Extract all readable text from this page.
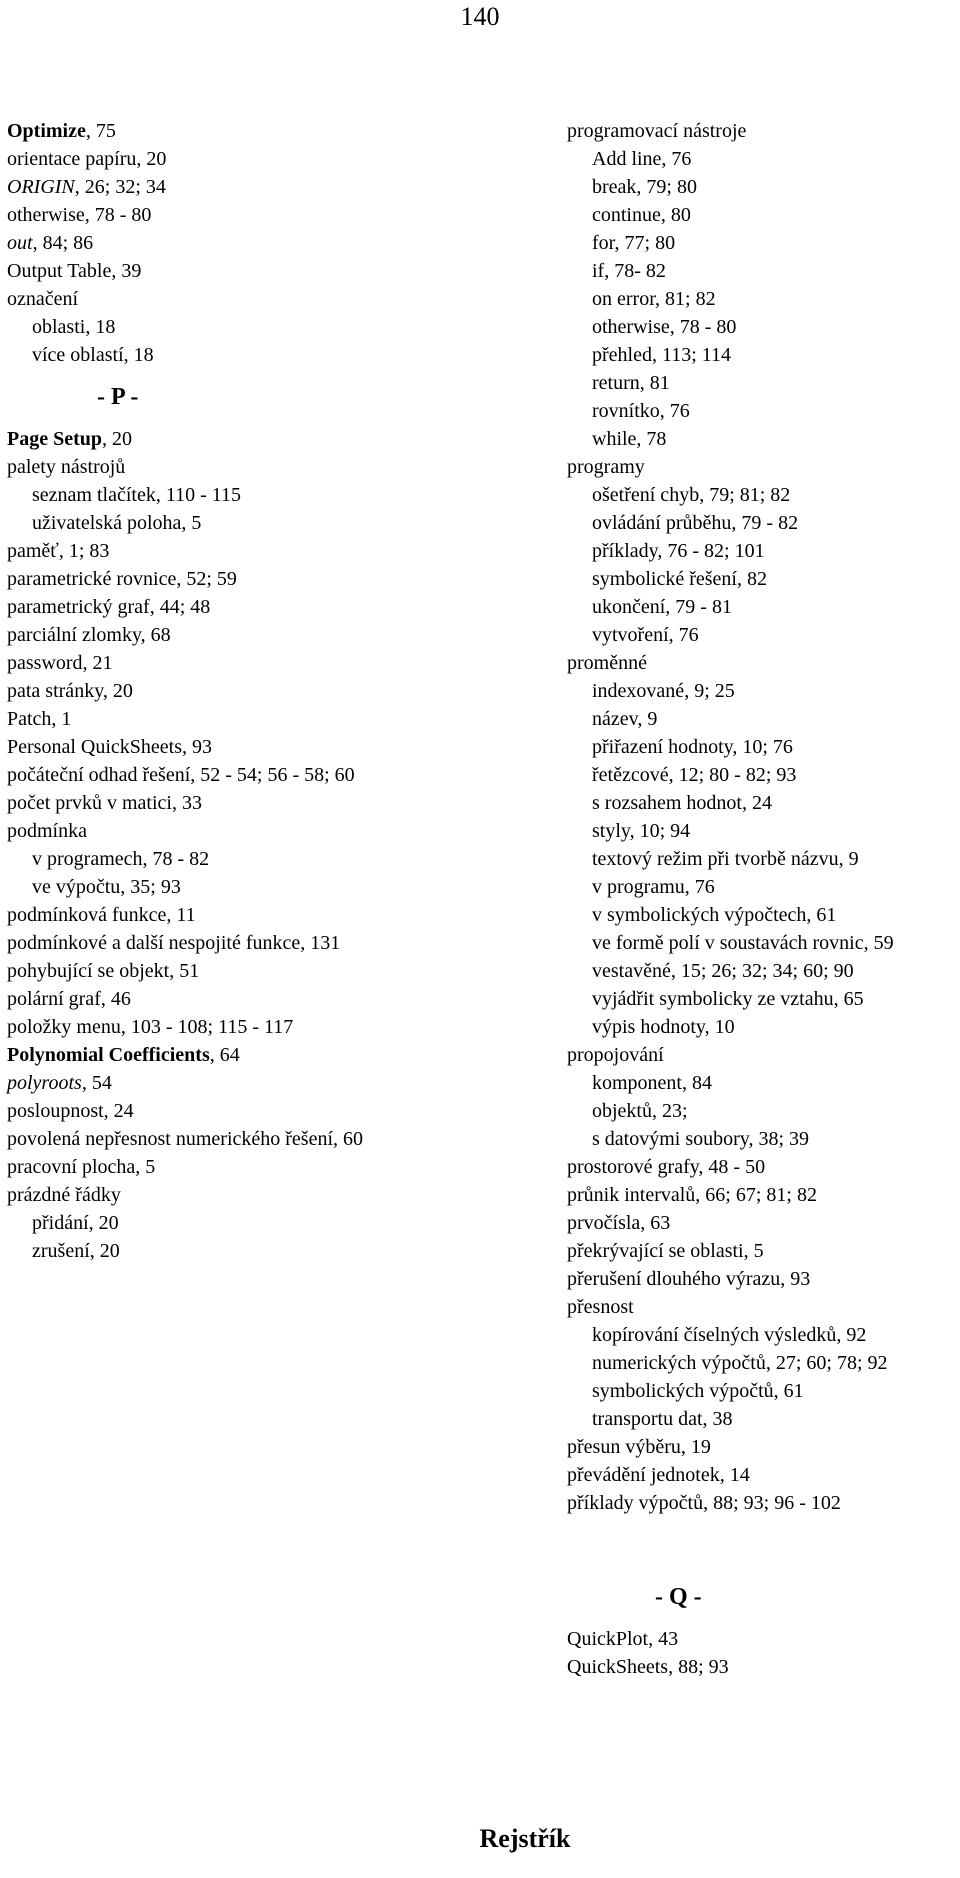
140
Optimize, 75
orientace papíru, 20
ORIGIN, 26; 32; 34
otherwise, 78 - 80
out, 84; 86
Output Table, 39
označení
oblasti, 18
více oblastí, 18
- P -
Page Setup, 20
palety nástrojů
seznam tlačítek, 110 - 115
uživatelská poloha, 5
paměť, 1; 83
parametrické rovnice, 52; 59
parametrický graf, 44; 48
parciální zlomky, 68
password, 21
pata stránky, 20
Patch, 1
Personal QuickSheets, 93
počáteční odhad řešení, 52 - 54; 56 - 58; 60
počet prvků v matici, 33
podmínka
v programech, 78 - 82
ve výpočtu, 35; 93
podmínková funkce, 11
podmínkové a další nespojité funkce, 131
pohybující se objekt, 51
polární graf, 46
položky menu, 103 - 108; 115 - 117
Polynomial Coefficients, 64
polyroots, 54
posloupnost, 24
povolená nepřesnost numerického řešení, 60
pracovní plocha, 5
prázdné řádky
přidání, 20
zrušení, 20
programovací nástroje
Add line, 76
break, 79; 80
continue, 80
for, 77; 80
if, 78- 82
on error, 81; 82
otherwise, 78 - 80
přehled, 113; 114
return, 81
rovnítko, 76
while, 78
programy
ošetření chyb, 79; 81; 82
ovládání průběhu, 79 - 82
příklady, 76 - 82; 101
symbolické řešení, 82
ukončení, 79 - 81
vytvoření, 76
proměnné
indexované, 9; 25
název, 9
přiřazení hodnoty, 10; 76
řetězcové, 12; 80 - 82; 93
s rozsahem hodnot, 24
styly, 10; 94
textový režim při tvorbě názvu, 9
v programu, 76
v symbolických výpočtech, 61
ve formě polí v soustavách rovnic, 59
vestavěné, 15; 26; 32; 34; 60; 90
vyjádřit symbolicky ze vztahu, 65
výpis hodnoty, 10
propojování
komponent, 84
objektů, 23;
s datovými soubory, 38; 39
prostorové grafy, 48 - 50
průnik intervalů, 66; 67; 81; 82
prvočísla, 63
překrývající se oblasti, 5
přerušení dlouhého výrazu, 93
přesnost
kopírování číselných výsledků, 92
numerických výpočtů, 27; 60; 78; 92
symbolických výpočtů, 61
transportu dat, 38
přesun výběru, 19
převádění jednotek, 14
příklady výpočtů, 88; 93; 96 - 102
- Q -
QuickPlot, 43
QuickSheets, 88; 93
Rejstřík
